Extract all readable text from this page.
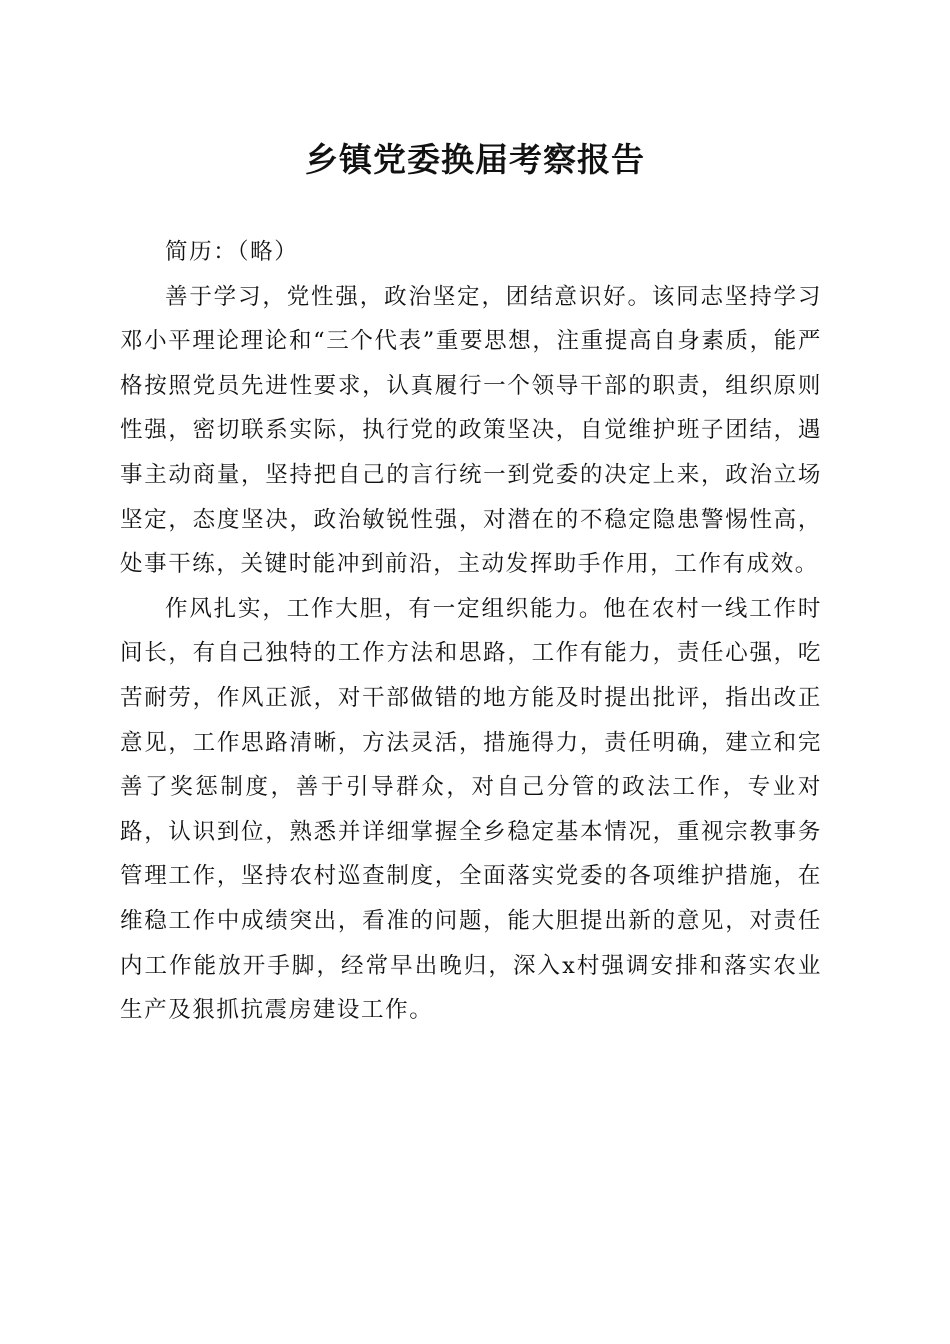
乡镇党委换届考察报告

简历：（略）

善于学习，党性强，政治坚定，团结意识好。该同志坚持学习邓小平理论理论和“三个代表”重要思想，注重提高自身素质，能严格按照党员先进性要求，认真履行一个领导干部的职责，组织原则性强，密切联系实际，执行党的政策坚决，自觉维护班子团结，遇事主动商量，坚持把自己的言行统一到党委的决定上来，政治立场坚定，态度坚决，政治敏锐性强，对潜在的不稳定隐患警惕性高，处事干练，关键时能冲到前沿，主动发挥助手作用，工作有成效。

作风扎实，工作大胆，有一定组织能力。他在农村一线工作时间长，有自己独特的工作方法和思路，工作有能力，责任心强，吃苦耐劳，作风正派，对干部做错的地方能及时提出批评，指出改正意见，工作思路清晰，方法灵活，措施得力，责任明确，建立和完善了奖惩制度，善于引导群众，对自己分管的政法工作，专业对路，认识到位，熟悉并详细掌握全乡稳定基本情况，重视宗教事务管理工作，坚持农村巡查制度，全面落实党委的各项维护措施，在维稳工作中成绩突出，看准的问题，能大胆提出新的意见，对责任内工作能放开手脚，经常早出晚归，深入x村强调安排和落实农业生产及狠抓抗震房建设工作。
